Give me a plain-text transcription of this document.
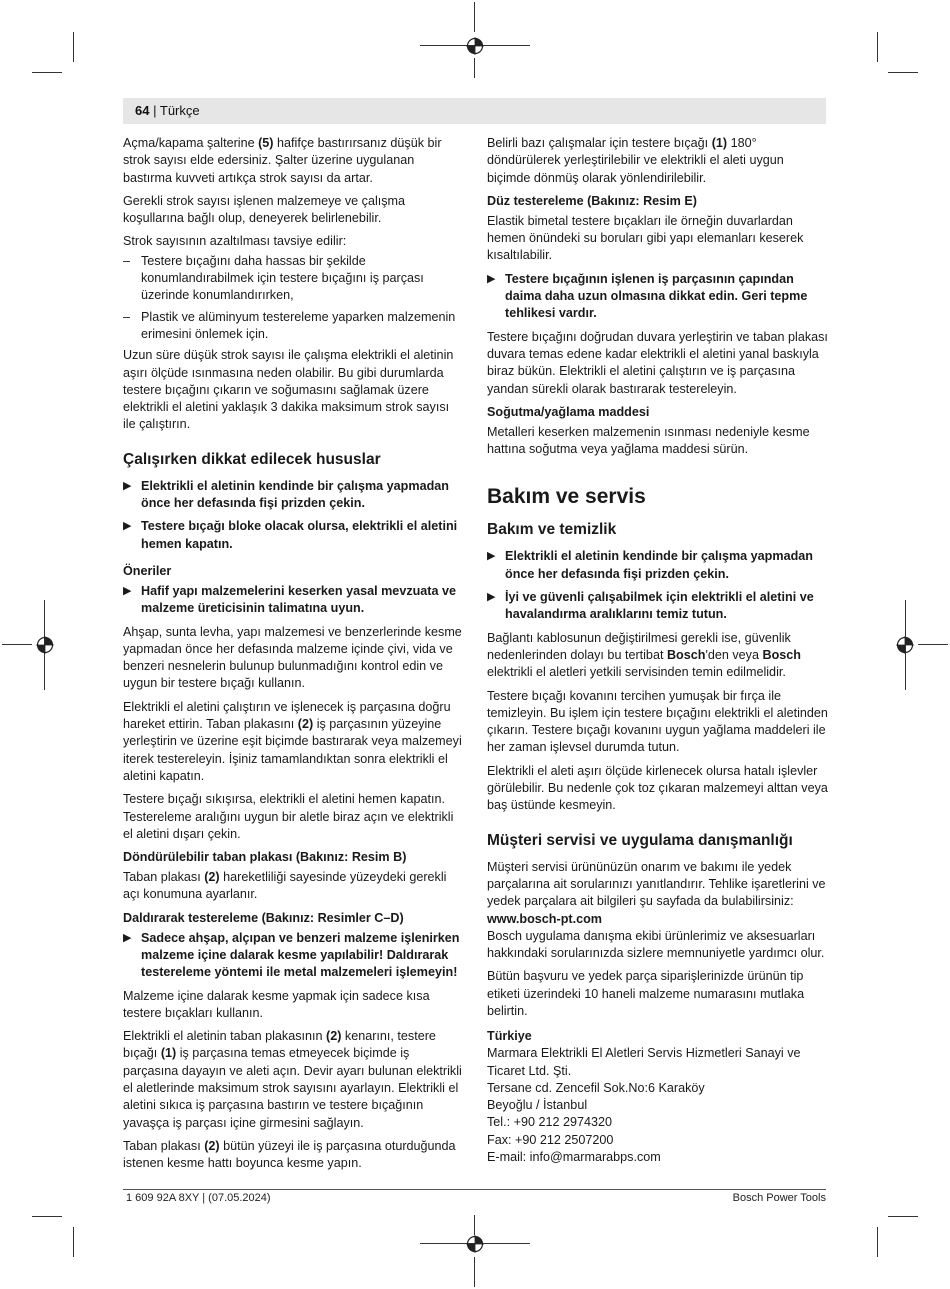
64 | Türkçe

Açma/kapama şalterine (5) hafifçe bastırırsanız düşük bir strok sayısı elde edersiniz. Şalter üzerine uygulanan bastırma kuvveti artıkça strok sayısı da artar.

Gerekli strok sayısı işlenen malzemeye ve çalışma koşullarına bağlı olup, deneyerek belirlenebilir.

Strok sayısının azaltılması tavsiye edilir:

– Testere bıçağını daha hassas bir şekilde konumlandırabilmek için testere bıçağını iş parçası üzerinde konumlandırırken,
– Plastik ve alüminyum testereleme yaparken malzemenin erimesini önlemek için.

Uzun süre düşük strok sayısı ile çalışma elektrikli el aletinin aşırı ölçüde ısınmasına neden olabilir. Bu gibi durumlarda testere bıçağını çıkarın ve soğumasını sağlamak üzere elektrikli el aletini yaklaşık 3 dakika maksimum strok sayısı ile çalıştırın.

Çalışırken dikkat edilecek hususlar
▶ Elektrikli el aletinin kendinde bir çalışma yapmadan önce her defasında fişi prizden çekin.
▶ Testere bıçağı bloke olacak olursa, elektrikli el aletini hemen kapatın.
Öneriler
▶ Hafif yapı malzemelerini keserken yasal mevzuata ve malzeme üreticisinin talimatına uyun.

Ahşap, sunta levha, yapı malzemesi ve benzerlerinde kesme yapmadan önce her defasında malzeme içinde çivi, vida ve benzeri nesnelerin bulunup bulunmadığını kontrol edin ve uygun bir testere bıçağı kullanın.

Elektrikli el aletini çalıştırın ve işlenecek iş parçasına doğru hareket ettirin. Taban plakasını (2) iş parçasının yüzeyine yerleştirin ve üzerine eşit biçimde bastırarak veya malzemeyi iterek testereleyin. İşiniz tamamlandıktan sonra elektrikli el aletini kapatın.

Testere bıçağı sıkışırsa, elektrikli el aletini hemen kapatın. Testereleme aralığını uygun bir aletle biraz açın ve elektrikli el aletini dışarı çekin.

Döndürülebilir taban plakası (Bakınız: Resim B)

Taban plakası (2) hareketliliği sayesinde yüzeydeki gerekli açı konumuna ayarlanır.

Daldırarak testereleme (Bakınız: Resimler C–D)
▶ Sadece ahşap, alçıpan ve benzeri malzeme işlenirken malzeme içine dalarak kesme yapılabilir! Daldırarak testereleme yöntemi ile metal malzemeleri işlemeyin!

Malzeme içine dalarak kesme yapmak için sadece kısa testere bıçakları kullanın.

Elektrikli el aletinin taban plakasının (2) kenarını, testere bıçağı (1) iş parçasına temas etmeyecek biçimde iş parçasına dayayın ve aleti açın. Devir ayarı bulunan elektrikli el aletlerinde maksimum strok sayısını ayarlayın. Elektrikli el aletini sıkıca iş parçasına bastırın ve testere bıçağının yavaşça iş parçası içine girmesini sağlayın.

Taban plakası (2) bütün yüzeyi ile iş parçasına oturduğunda istenen kesme hattı boyunca kesme yapın.

Belirli bazı çalışmalar için testere bıçağı (1) 180° döndürülerek yerleştirilebilir ve elektrikli el aleti uygun biçimde dönmüş olarak yönlendirilebilir.

Düz testereleme (Bakınız: Resim E)

Elastik bimetal testere bıçakları ile örneğin duvarlardan hemen önündeki su boruları gibi yapı elemanları keserek kısaltılabilir.

▶ Testere bıçağının işlenen iş parçasının çapından daima daha uzun olmasına dikkat edin. Geri tepme tehlikesi vardır.

Testere bıçağını doğrudan duvara yerleştirin ve taban plakası duvara temas edene kadar elektrikli el aletini yanal baskıyla biraz bükün. Elektrikli el aletini çalıştırın ve iş parçasına yandan sürekli olarak bastırarak testereleyin.

Soğutma/yağlama maddesi

Metalleri keserken malzemenin ısınması nedeniyle kesme hattına soğutma veya yağlama maddesi sürün.

Bakım ve servis
Bakım ve temizlik
▶ Elektrikli el aletinin kendinde bir çalışma yapmadan önce her defasında fişi prizden çekin.
▶ İyi ve güvenli çalışabilmek için elektrikli el aletini ve havalandırma aralıklarını temiz tutun.

Bağlantı kablosunun değiştirilmesi gerekli ise, güvenlik nedenlerinden dolayı bu tertibat Bosch'den veya Bosch elektrikli el aletleri yetkili servisinden temin edilmelidir.

Testere bıçağı kovanını tercihen yumuşak bir fırça ile temizleyin. Bu işlem için testere bıçağını elektrikli el aletinden çıkarın. Testere bıçağı kovanını uygun yağlama maddeleri ile her zaman işlevsel durumda tutun.

Elektrikli el aleti aşırı ölçüde kirlenecek olursa hatalı işlevler görülebilir. Bu nedenle çok toz çıkaran malzemeyi alttan veya baş üstünde kesmeyin.

Müşteri servisi ve uygulama danışmanlığı

Müşteri servisi ürününüzün onarım ve bakımı ile yedek parçalarına ait sorularınızı yanıtlandırır. Tehlike işaretlerini ve yedek parçalara ait bilgileri şu sayfada da bulabilirsiniz:
www.bosch-pt.com

Bosch uygulama danışma ekibi ürünlerimiz ve aksesuarları hakkındaki sorularınızda sizlere memnuniyetle yardımcı olur.

Bütün başvuru ve yedek parça siparişlerinizde ürünün tip etiketi üzerindeki 10 haneli malzeme numarasını mutlaka belirtin.

Türkiye

Marmara Elektrikli El Aletleri Servis Hizmetleri Sanayi ve Ticaret Ltd. Şti.
Tersane cd. Zencefil Sok.No:6 Karaköy
Beyoğlu / İstanbul
Tel.: +90 212 2974320
Fax: +90 212 2507200
E-mail: info@marmarabps.com

1 609 92A 8XY | (07.05.2024)	Bosch Power Tools
